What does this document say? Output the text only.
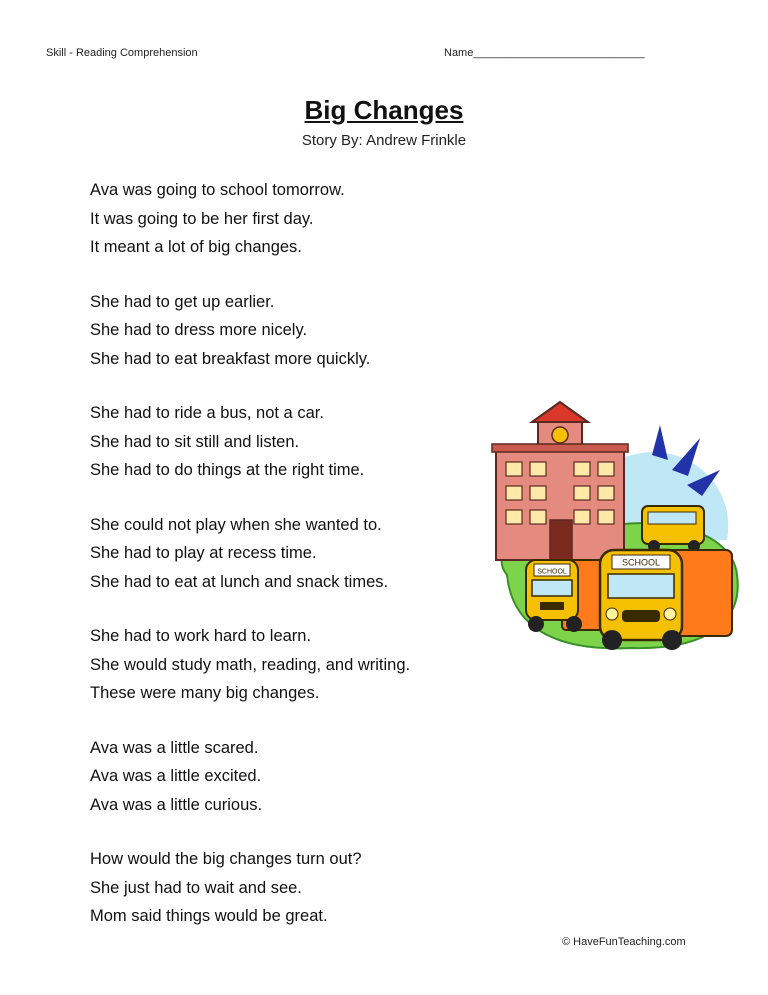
Skill - Reading Comprehension	Name____________________________
Big Changes
Story By: Andrew Frinkle
Ava was going to school tomorrow.
It was going to be her first day.
It meant a lot of big changes.
She had to get up earlier.
She had to dress more nicely.
She had to eat breakfast more quickly.
She had to ride a bus, not a car.
She had to sit still and listen.
She had to do things at the right time.
She could not play when she wanted to.
She had to play at recess time.
She had to eat at lunch and snack times.
She had to work hard to learn.
She would study math, reading, and writing.
These were many big changes.
Ava was a little scared.
Ava was a little excited.
Ava was a little curious.
How would the big changes turn out?
She just had to wait and see.
Mom said things would be great.
SCHOOL
SCHOOL
© HaveFunTeaching.com
